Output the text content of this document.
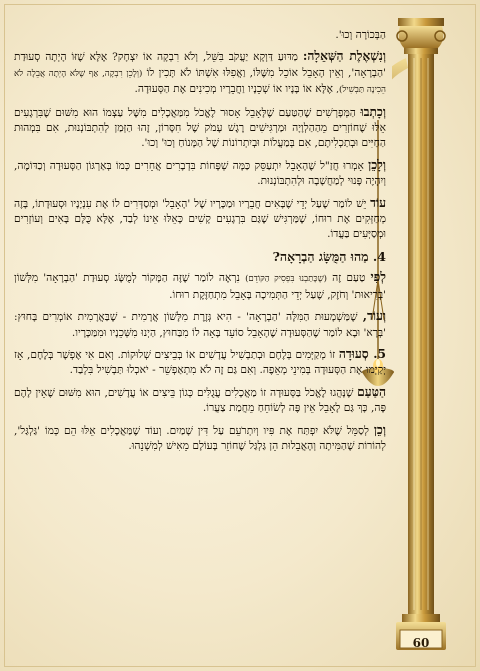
הַבְּכוֹרָה וְכוּ'.

וְנִשְׁאֶלֶת הַשְּׁאֵלָה: מַדּוּעַ דַּוְקָא יַעֲקֹב בִּשֵּׁל, וְלֹא רִבְקָה אוֹ יִצְחָק? אֶלָּא שֶׁזּוֹ הָיְתָה סְעוּדַת 'הַבְרָאָה', וְאֵין הָאָבֵל אוֹכֵל מִשֶּׁלּוֹ, וַאֲפִלּוּ אִשְׁתּוֹ לֹא תָּכִין לוֹ (וְלָכֵן רִבְקָה, אַף שֶׁלֹּא הָיְתָה אֲבֵלָה לֹא הֵכִינָה תַּבְשִׁיל), אֶלָּא אוֹ בָּנָיו אוֹ שְׁכֵנָיו וַחֲבֵרָיו מְכִינִים אֶת הַסְּעוּדָה.

וְכָתְבוּ הַמְּפָרְשִׁים שֶׁהַטַּעַם שֶׁלָּאָבֵל אָסוּר לֶאֱכֹל מִמַּאֲכָלִים מִשֶּׁל עַצְמוֹ הוּא מִשּׁוּם שֶׁבִּרְגָעִים אֵלּוּ שֶׁחוֹזְרִים מֵהַהַלְוָיָה וּמַרְגִּישִׁים רֶגֶשׁ עָמֹק שֶׁל חִסָּרוֹן, זֶהוּ הַזְּמַן לְהִתְבּוֹנְנוּת, אִם בִּמְהוּת הַחַיִּים וּבְתַכְלִיתָם, אִם בְּמַעֲלוֹת וּבְיִתְרוֹנוֹת שֶׁל הַמָּנוֹחַ וְכוּ' וְכוּ'.

וְלָכֵן אָמְרוּ חֲזַ"ל שֶׁהָאָבֵל יִתְעַסֵּק כַּמָּה שְׁפָּחוֹת בִּדְבָרִים אֲחֵרִים כְּמוֹ בְּאַרְגּוֹן הַסְּעוּדָה וְכַדּוֹמֶה, וְיִהְיֶה פָּנוּי לְמַחֲשָׁבָה וּלְהִתְבּוֹנְנוּת.

עוֹד יֵשׁ לוֹמַר שֶׁעַל יְדֵי שֶׁבָּאִים חֲבֵרָיו וּמַכָּרָיו שֶׁל 'הָאָבֵל' וּמְסַדְּרִים לוֹ אֶת עִנְיָנָיו וּסְעוּדָתוֹ, בָּזֶה מְחַזְּקִים אֶת רוּחוֹ, שֶׁמַּרְגִּישׁ שֶׁגַּם בִּרְגָעִים קָשִׁים כָּאֵלּוּ אֵינוֹ לְבַד, אֶלָּא כֻּלָּם בָּאִים וְעוֹזְרִים וּמְסַיְּעִים בַּעֲדוֹ.

4. מַהוּ הַמֻּשָּׂג הַבְרָאָה?

לְפִי טַעַם זֶה (שֶׁכָּתַבְנוּ בִּפְסִיק הַקּוֹדֵם) נִרְאֶה לוֹמַר שֶׁזֶּה הַמָּקוֹר לְמֻשָּׂג סְעוּדַת 'הַבְרָאָה' מִלְּשׁוֹן 'בְּרִיאוּת' וְחֹזֶק, שֶׁעַל יְדֵי הַתְּמִיכָה בָּאָבֵל מִתְחַזֶּקֶת רוּחוֹ.

וְעוֹד, שֶׁמַּשְׁמָעוּת הַמִּלָּה 'הַבְרָאָה' - הִיא גְּזֶרֶת מִלָּשׁוֹן אֲרָמִית - שֶׁבַּאֲרָמִית אוֹמְרִים בָּחוּץ: 'בְּרָא' וּבָא לוֹמַר שֶׁהַסְּעוּדָה שֶׁהָאָבֵל סוֹעֵד בָּאָה לוֹ מִבַּחוּץ, הַיְנוּ מִשְּׁכֵנָיו וּמִמַּכָּרָיו.

5. סְעוּדָה זוֹ מְקַיְּמִים בְּלֶחֶם וּבְתַבְשִׁיל עֲדָשִׁים אוֹ בְּבֵיצִים שְׁלוּקוֹת. וְאִם אִי אֶפְשָׁר בְּלֶחֶם, אָז יְקַיְּמוּ אֶת הַסְּעוּדָה בְּמִינֵי מְאֵפֶה. וְאִם גַּם זֶה לֹא מִתְאַפְשֵׁר - יֹאכְלוּ תַּבְשִׁיל בִּלְבַד.

הַטַּעַם שֶׁנָּהֲגוּ לֶאֱכֹל בַּסְּעוּדָה זוֹ מַאֲכָלִים עֲגֻלִּים כְּגוֹן בֵּיצִים אוֹ עֲדָשִׁים, הוּא מִשּׁוּם שֶׁאֵין לָהֶם פֶּה, כָּךְ גַּם לָאָבֵל אֵין פֶּה לְשׂוֹחֵחַ מֵחֲמַת צַעֲרוֹ.

וְכֵן לְסַמֵּל שֶׁלֹּא יִפְתַּח אֶת פִּיו וְיִתְרֹעֵם עַל דִּין שָׁמַיִם. וְעוֹד שֶׁמַּאֲכָלִים אֵלּוּ הֵם כְּמוֹ 'גַּלְגַּל', לְהוֹרוֹת שֶׁהַמִּיתָה וְהָאֲבֵלוּת הֵן גַּלְגַּל שֶׁחוֹזֵר בָּעוֹלָם מֵאִישׁ לְמִשְׁנֵהוּ.

60
